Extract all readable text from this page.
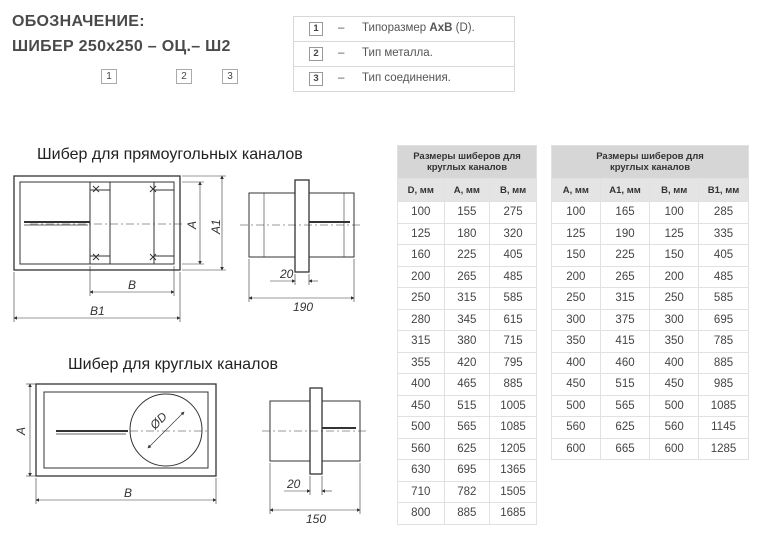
ОБОЗНАЧЕНИЕ:
ШИБЕР 250х250 – ОЦ.– Ш2
1	2	3
1	– Типоразмер AxB (D).
2	– Тип металла.
3	– Тип соединения.
Шибер для прямоугольных каналов
Шибер для круглых каналов
A A1
B
B1
20
190
A
B
ØD
20
150
Размеры шиберов для
круглых каналов		
D, мм	A, мм	B, мм
100	155	275
125	180	320
160	225	405
200	265	485
250	315	585
280	345	615
315	380	715
355	420	795
400	465	885
450	515	1005
500	565	1085
560	625	1205
630	695	1365
710	782	1505
800	885	1685
Размеры шиберов для
круглых каналов			
A, мм	A1, мм	B, мм	B1, мм
100	165	100	285
125	190	125	335
150	225	150	405
200	265	200	485
250	315	250	585
300	375	300	695
350	415	350	785
400	460	400	885
450	515	450	985
500	565	500	1085
560	625	560	1145
600	665	600	1285
